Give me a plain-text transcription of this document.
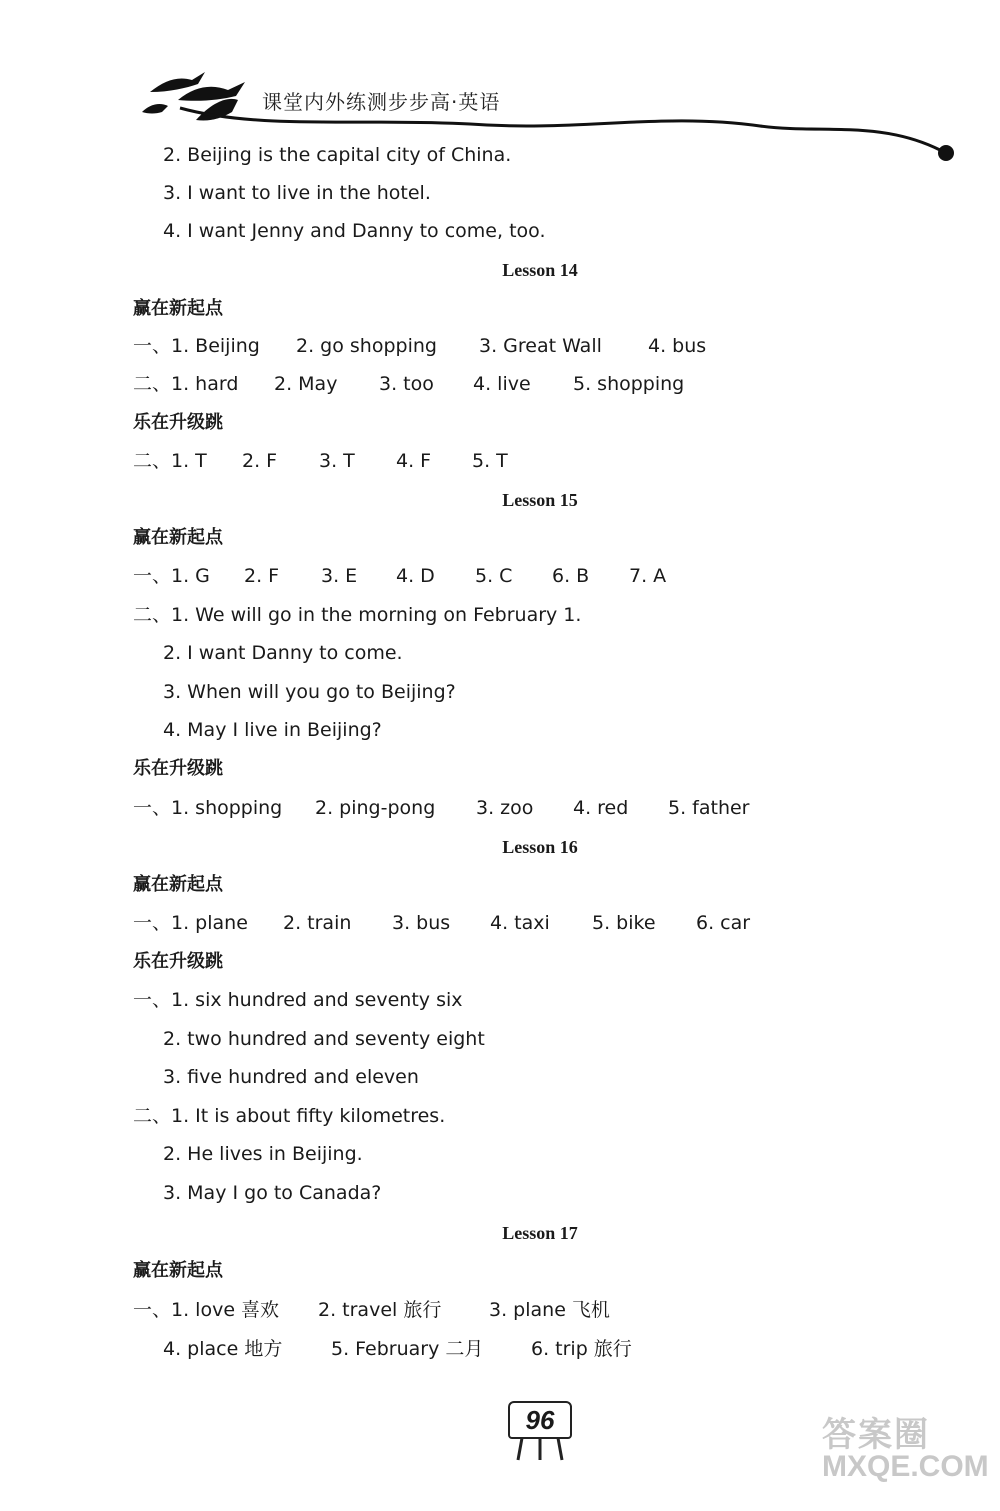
课堂内外练测步步高·英语
2. Beijing is the capital city of China.
3. I want to live in the hotel.
4. I want Jenny and Danny to come, too.
Lesson 14
赢在新起点

一、1. Beijing

2. go shopping

3. Great Wall

4. bus

二、1. hard

2. May

3. too

4. live

5. shopping

乐在升级跳

二、1. T

2. F

3. T

4. F

5. T

Lesson 15
赢在新起点

一、1. G

2. F

3. E

4. D

5. C

6. B

7. A

二、1. We will go in the morning on February 1.
2. I want Danny to come.
3. When will you go to Beijing?
4. May I live in Beijing?
乐在升级跳

一、1. shopping

2. ping-pong

3. zoo

4. red

5. father

Lesson 16
赢在新起点

一、1. plane

2. train

3. bus

4. taxi

5. bike

6. car

乐在升级跳
一、1. six hundred and seventy six
2. two hundred and seventy eight
3. five hundred and eleven
二、1. It is about fifty kilometres.
2. He lives in Beijing.
3. May I go to Canada?
Lesson 17
赢在新起点

一、1. love 喜欢

2. travel 旅行

	3. plane 飞机

4. place 地方

	5. February 二月

	6. trip 旅行

96	答案圈
MXQE.COM
